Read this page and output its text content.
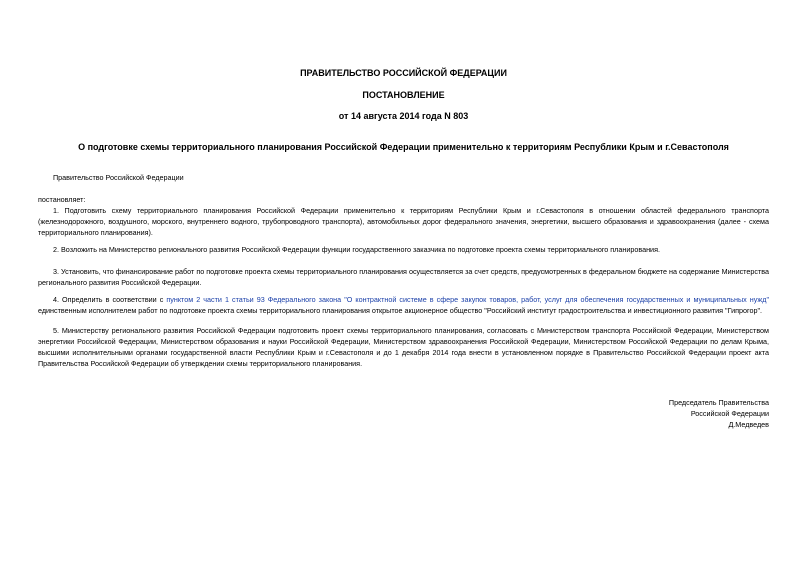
ПРАВИТЕЛЬСТВО РОССИЙСКОЙ ФЕДЕРАЦИИ
ПОСТАНОВЛЕНИЕ
от 14 августа 2014 года N 803
О подготовке схемы территориального планирования Российской Федерации применительно к территориям Республики Крым и г.Севастополя
Правительство Российской Федерации
постановляет:
1. Подготовить схему территориального планирования Российской Федерации применительно к территориям Республики Крым и г.Севастополя в отношении областей федерального транспорта (железнодорожного, воздушного, морского, внутреннего водного, трубопроводного транспорта), автомобильных дорог федерального значения, энергетики, высшего образования и здравоохранения (далее - схема территориального планирования).
2. Возложить на Министерство регионального развития Российской Федерации функции государственного заказчика по подготовке проекта схемы территориального планирования.
3. Установить, что финансирование работ по подготовке проекта схемы территориального планирования осуществляется за счет средств, предусмотренных в федеральном бюджете на содержание Министерства регионального развития Российской Федерации.
4. Определить в соответствии с пунктом 2 части 1 статьи 93 Федерального закона "О контрактной системе в сфере закупок товаров, работ, услуг для обеспечения государственных и муниципальных нужд" единственным исполнителем работ по подготовке проекта схемы территориального планирования открытое акционерное общество "Российский институт градостроительства и инвестиционного развития "Гипрогор".
5. Министерству регионального развития Российской Федерации подготовить проект схемы территориального планирования, согласовать с Министерством транспорта Российской Федерации, Министерством энергетики Российской Федерации, Министерством образования и науки Российской Федерации, Министерством здравоохранения Российской Федерации, Министерством Российской Федерации по делам Крыма, высшими исполнительными органами государственной власти Республики Крым и г.Севастополя и до 1 декабря 2014 года внести в установленном порядке в Правительство Российской Федерации проект акта Правительства Российской Федерации об утверждении схемы территориального планирования.
Председатель Правительства
Российской Федерации
Д.Медведев
